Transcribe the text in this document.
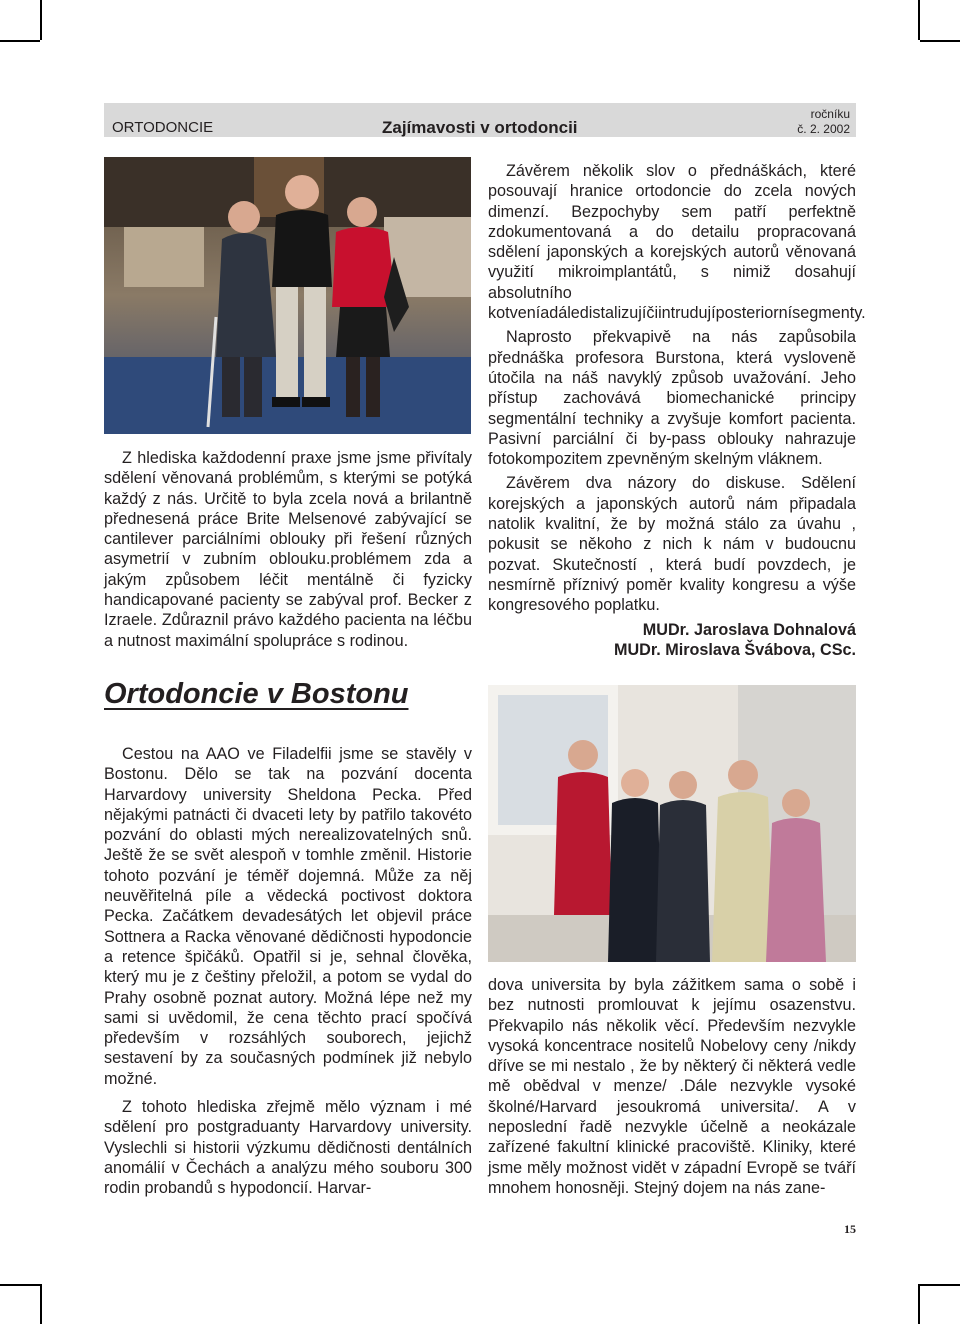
ORTODONCIE	Zajímavosti v ortodoncii
ročníku
č. 2. 2002

Z hlediska každodenní praxe jsme jsme přivítaly sdělení věnovaná problémům, s kterými se potýká každý z nás. Určitě to byla zcela nová a brilantně přednesená práce Brite Melsenové zabývající se cantilever parciálními oblouky při řešení různých asymetrií v zubním oblouku.problémem zda a jakým způsobem léčit mentálně či fyzicky handicapované pacienty se zabýval prof. Becker z Izraele. Zdůraznil právo každého pacienta na léčbu a nutnost maximální spolupráce s rodinou.

Závěrem několik slov o přednáškách, které posouvají hranice ortodoncie do zcela nových dimenzí. Bezpochyby sem patří perfektně zdokumentovaná a do detailu propracovaná sdělení japonských a korejských autorů věnovaná využití mikroimplantátů, s nimiž dosahují absolutního kotveníadáledistalizujíčiintrudujíposteriornísegmenty.

Naprosto překvapivě na nás zapůsobila přednáška profesora Burstona, která vysloveně útočila na náš navyklý způsob uvažování. Jeho přístup zachovává biomechanické principy segmentální techniky a zvyšuje komfort pacienta. Pasivní parciální či by-pass oblouky nahrazuje fotokompozitem zpevněným skelným vláknem.

Závěrem dva názory do diskuse. Sdělení korejských a japonských autorů nám připadala natolik kvalitní, že by možná stálo za úvahu , pokusit se někoho z nich k nám v budoucnu pozvat. Skutečností , která budí povzdech, je nesmírně příznivý poměr kvality kongresu a výše kongresového poplatku.

MUDr. Jaroslava Dohnalová

MUDr. Miroslava Švábova, CSc.

Ortodoncie v Bostonu

Cestou na AAO ve Filadelfii jsme se stavěly v Bostonu. Dělo se tak na pozvání docenta Harvardovy university Sheldona Pecka. Před nějakými patnácti či dvaceti lety by patřilo takovéto pozvání do oblasti mých nerealizovatelných snů. Ještě že se svět alespoň v tomhle změnil. Historie tohoto pozvání je téměř dojemná. Může za něj neuvěřitelná píle a vědecká poctivost doktora Pecka. Začátkem devadesátých let objevil práce Sottnera a Racka věnované dědičnosti hypodoncie a retence špičáků. Opatřil si je, sehnal člověka, který mu je z češtiny přeložil, a potom se vydal do Prahy osobně poznat autory. Možná lépe než my sami si uvědomil, že cena těchto prací spočívá především v rozsáhlých souborech, jejichž sestavení by za současných podmínek již nebylo možné.

Z tohoto hlediska zřejmě mělo význam i mé sdělení pro postgraduanty Harvardovy university. Vyslechli si historii výzkumu dědičnosti dentálních anomálií v Čechách a analýzu mého souboru 300 rodin probandů s hypodoncií. Harvar-

dova universita by byla zážitkem sama o sobě i bez nutnosti promlouvat k jejímu osazenstvu. Překvapilo nás několik věcí. Především nezvykle vysoká koncentrace nositelů Nobelovy ceny /nikdy dříve se mi nestalo , že by některý či některá vedle mě obědval v menze/ .Dále nezvykle vysoké školné/Harvard jesoukromá universita/. A v neposlední řadě nezvykle účelně a neokázale zařízené fakultní klinické pracoviště. Kliniky, které jsme měly možnost vidět v západní Evropě se tváří mnohem honosněji. Stejný dojem na nás zane-

15
